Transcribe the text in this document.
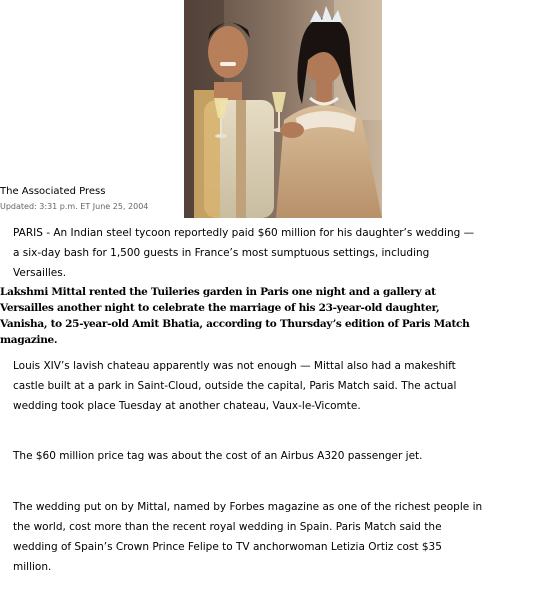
The Associated Press
Updated: 3:31 p.m. ET June 25, 2004

PARIS - An Indian steel tycoon reportedly paid $60 million for his daughter’s wedding — a six-day bash for 1,500 guests in France’s most sumptuous settings, including Versailles.

Lakshmi Mittal rented the Tuileries garden in Paris one night and a gallery at Versailles another night to celebrate the marriage of his 23-year-old daughter, Vanisha, to 25-year-old Amit Bhatia, according to Thursday’s edition of Paris Match magazine.

Louis XIV’s lavish chateau apparently was not enough — Mittal also had a makeshift castle built at a park in Saint-Cloud, outside the capital, Paris Match said. The actual wedding took place Tuesday at another chateau, Vaux-le-Vicomte.

The $60 million price tag was about the cost of an Airbus A320 passenger jet.

The wedding put on by Mittal, named by Forbes magazine as one of the richest people in the world, cost more than the recent royal wedding in Spain. Paris Match said the wedding of Spain’s Crown Prince Felipe to TV anchorwoman Letizia Ortiz cost $35 million.
